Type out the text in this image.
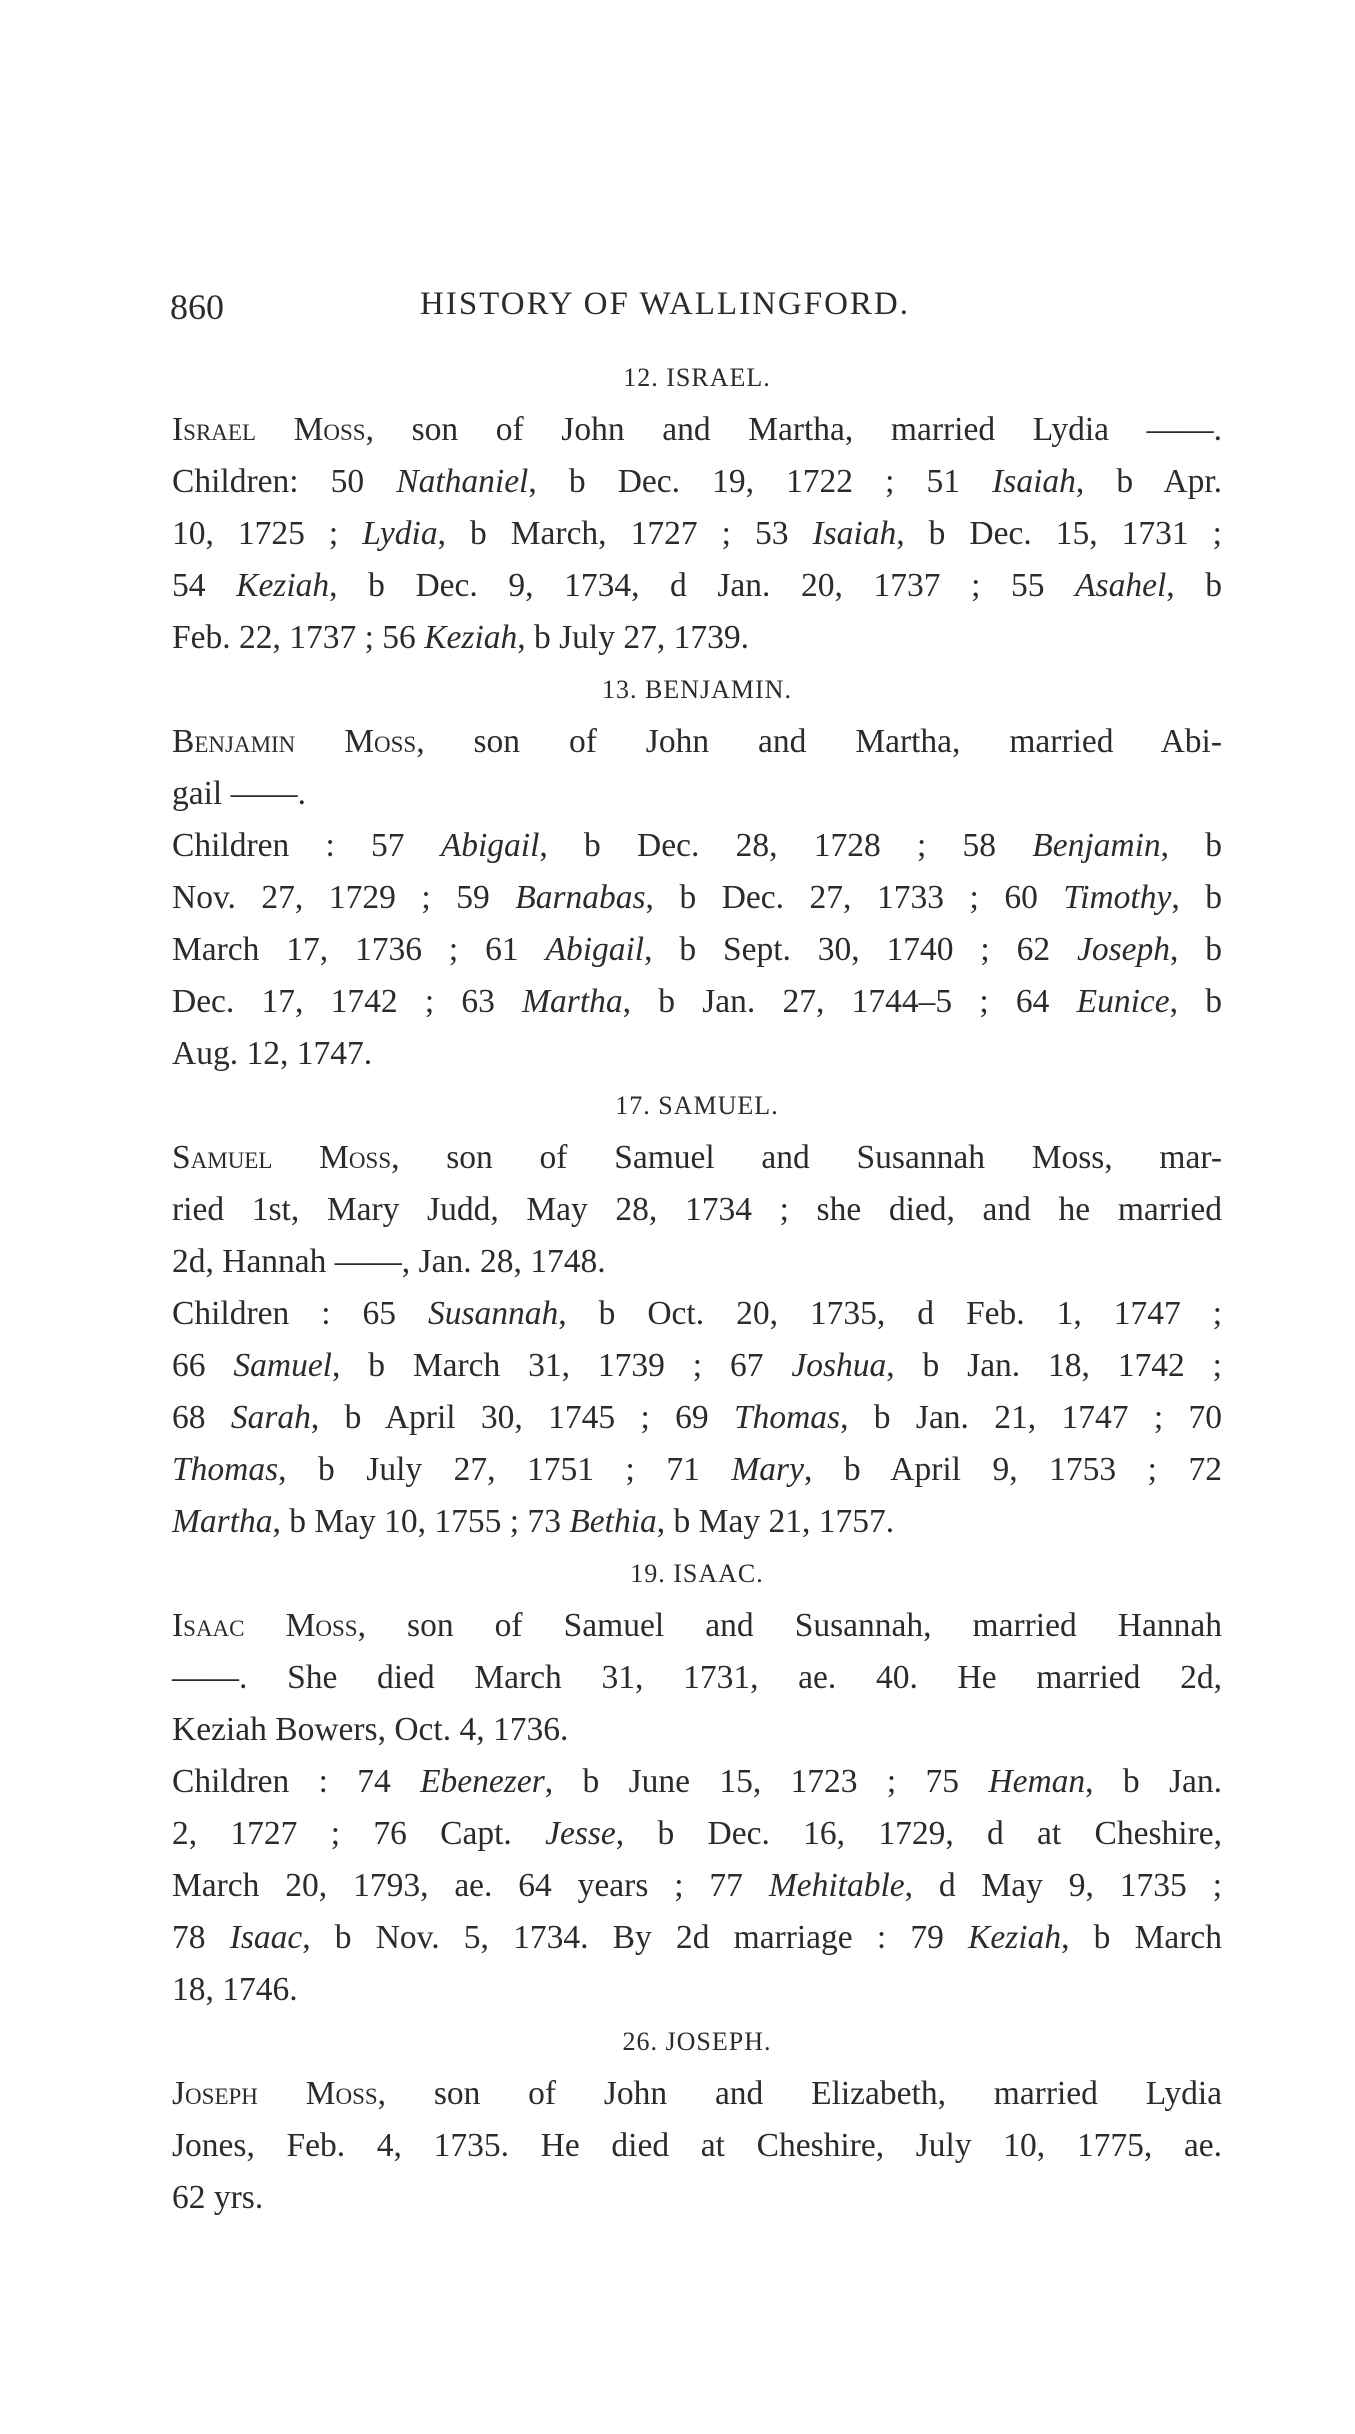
860	HISTORY OF WALLINGFORD.
12. ISRAEL.
Israel Moss, son of John and Martha, married Lydia ——.
Children: 50 Nathaniel, b Dec. 19, 1722 ; 51 Isaiah, b Apr.
10, 1725 ; Lydia, b March, 1727 ; 53 Isaiah, b Dec. 15, 1731 ;
54 Keziah, b Dec. 9, 1734, d Jan. 20, 1737 ; 55 Asahel, b
Feb. 22, 1737 ; 56 Keziah, b July 27, 1739.
13. BENJAMIN.
Benjamin Moss, son of John and Martha, married Abi-
gail ——.
Children : 57 Abigail, b Dec. 28, 1728 ; 58 Benjamin, b
Nov. 27, 1729 ; 59 Barnabas, b Dec. 27, 1733 ; 60 Timothy, b
March 17, 1736 ; 61 Abigail, b Sept. 30, 1740 ; 62 Joseph, b
Dec. 17, 1742 ; 63 Martha, b Jan. 27, 1744–5 ; 64 Eunice, b
Aug. 12, 1747.
17. SAMUEL.
Samuel Moss, son of Samuel and Susannah Moss, mar-
ried 1st, Mary Judd, May 28, 1734 ; she died, and he married
2d, Hannah ——, Jan. 28, 1748.
Children : 65 Susannah, b Oct. 20, 1735, d Feb. 1, 1747 ;
66 Samuel, b March 31, 1739 ; 67 Joshua, b Jan. 18, 1742 ;
68 Sarah, b April 30, 1745 ; 69 Thomas, b Jan. 21, 1747 ; 70
Thomas, b July 27, 1751 ; 71 Mary, b April 9, 1753 ; 72
Martha, b May 10, 1755 ; 73 Bethia, b May 21, 1757.
19. ISAAC.
Isaac Moss, son of Samuel and Susannah, married Hannah
——. She died March 31, 1731, ae. 40. He married 2d,
Keziah Bowers, Oct. 4, 1736.
Children : 74 Ebenezer, b June 15, 1723 ; 75 Heman, b Jan.
2, 1727 ; 76 Capt. Jesse, b Dec. 16, 1729, d at Cheshire,
March 20, 1793, ae. 64 years ; 77 Mehitable, d May 9, 1735 ;
78 Isaac, b Nov. 5, 1734. By 2d marriage : 79 Keziah, b March
18, 1746.
26. JOSEPH.
Joseph Moss, son of John and Elizabeth, married Lydia
Jones, Feb. 4, 1735. He died at Cheshire, July 10, 1775, ae.
62 yrs.
